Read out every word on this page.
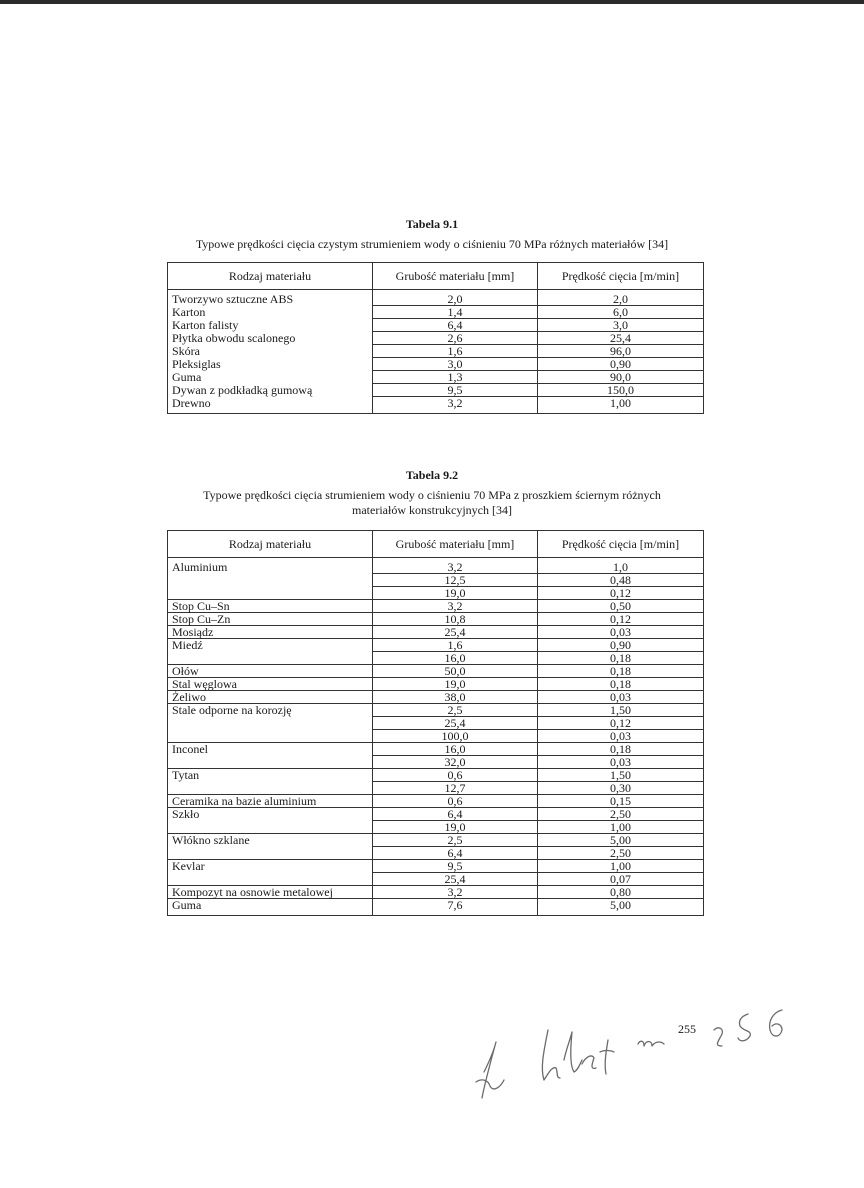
Tabela 9.1
Typowe prędkości cięcia czystym strumieniem wody o ciśnieniu 70 MPa różnych materiałów [34]
Rodzaj materiału	Grubość materiału [mm]	Prędkość cięcia [m/min]
Tworzywo sztuczne ABS	2,0	2,0
Karton	1,4	6,0
Karton falisty	6,4	3,0
Płytka obwodu scalonego	2,6	25,4
Skóra	1,6	96,0
Pleksiglas	3,0	0,90
Guma	1,3	90,0
Dywan z podkładką gumową	9,5	150,0
Drewno	3,2	1,00
Tabela 9.2
Typowe prędkości cięcia strumieniem wody o ciśnieniu 70 MPa z proszkiem ściernym różnych
materiałów konstrukcyjnych [34]
Rodzaj materiału	Grubość materiału [mm]	Prędkość cięcia [m/min]
Aluminium	3,2	1,0
	12,5	0,48
	19,0	0,12
Stop Cu–Sn	3,2	0,50
Stop Cu–Zn	10,8	0,12
Mosiądz	25,4	0,03
Miedź	1,6	0,90
	16,0	0,18
Ołów	50,0	0,18
Stal węglowa	19,0	0,18
Żeliwo	38,0	0,03
Stale odporne na korozję	2,5	1,50
	25,4	0,12
	100,0	0,03
Inconel	16,0	0,18
	32,0	0,03
Tytan	0,6	1,50
	12,7	0,30
Ceramika na bazie aluminium	0,6	0,15
Szkło	6,4	2,50
	19,0	1,00
Włókno szklane	2,5	5,00
	6,4	2,50
Kevlar	9,5	1,00
	25,4	0,07
Kompozyt na osnowie metalowej	3,2	0,80
Guma	7,6	5,00
255
